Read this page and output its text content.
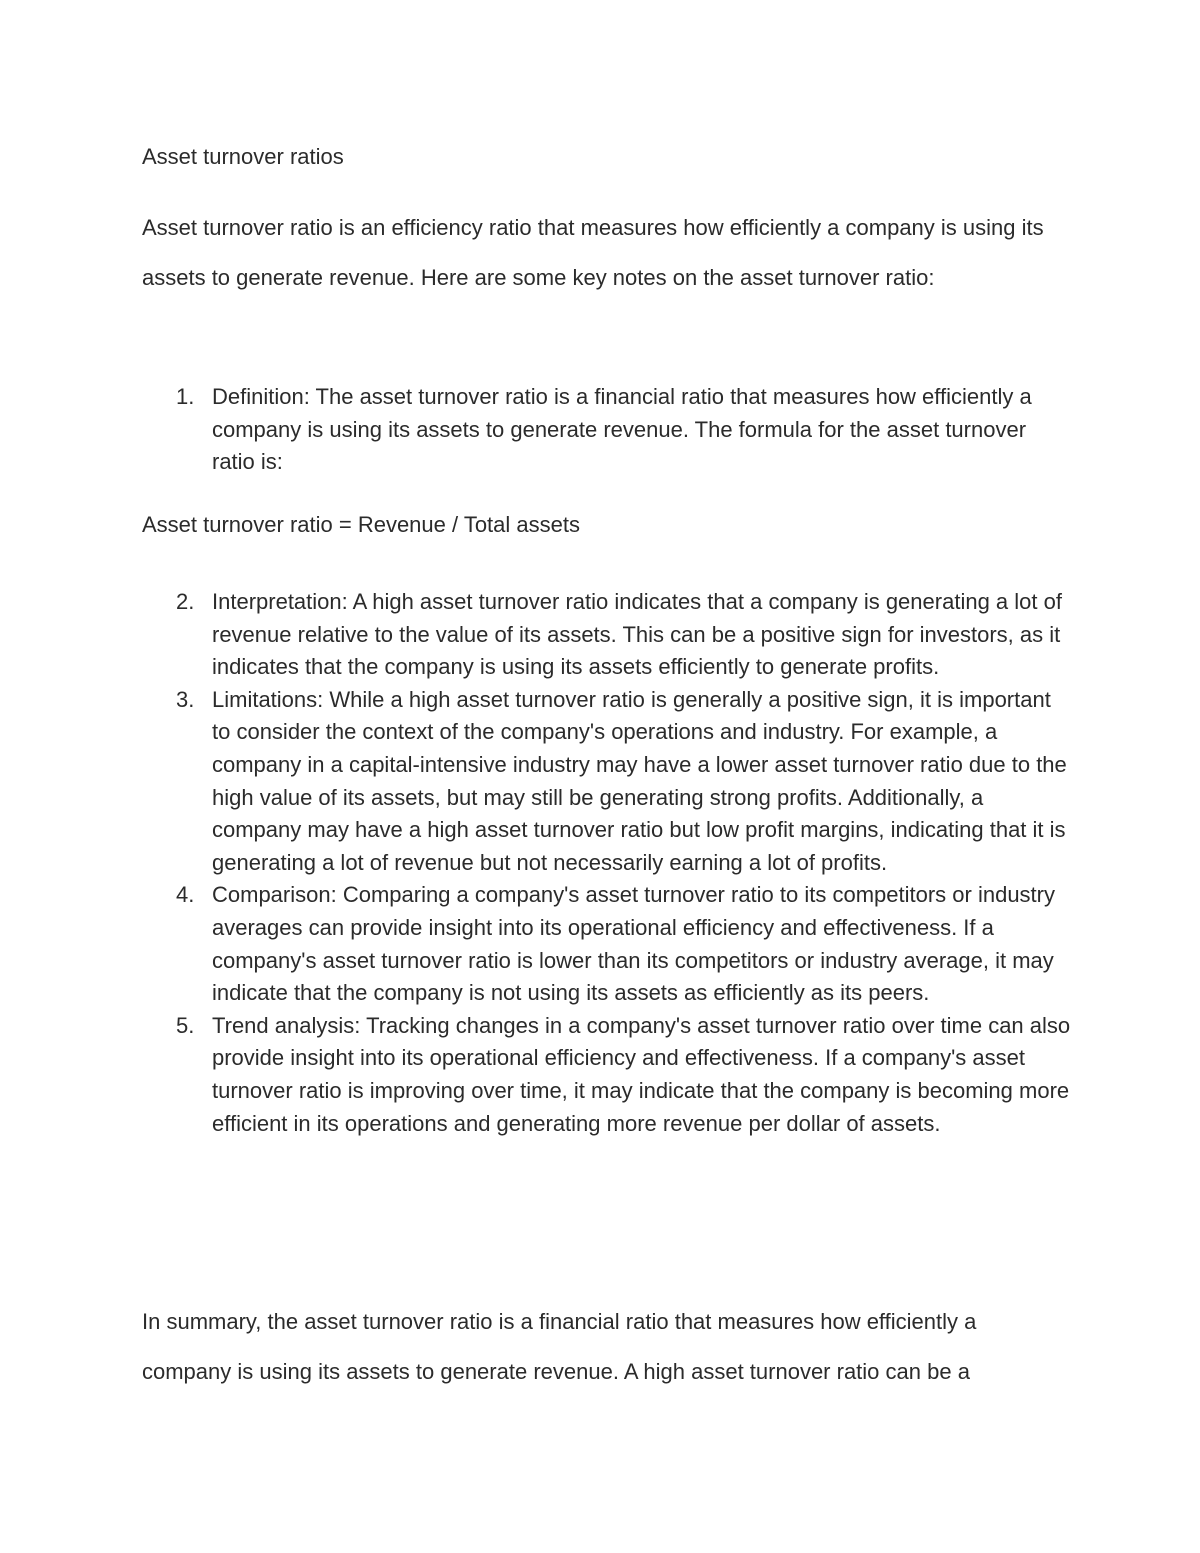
Asset turnover ratios

Asset turnover ratio is an efficiency ratio that measures how efficiently a company is using its assets to generate revenue. Here are some key notes on the asset turnover ratio:

1. Definition: The asset turnover ratio is a financial ratio that measures how efficiently a company is using its assets to generate revenue. The formula for the asset turnover ratio is:

Asset turnover ratio = Revenue / Total assets

2. Interpretation: A high asset turnover ratio indicates that a company is generating a lot of revenue relative to the value of its assets. This can be a positive sign for investors, as it indicates that the company is using its assets efficiently to generate profits.
3. Limitations: While a high asset turnover ratio is generally a positive sign, it is important to consider the context of the company's operations and industry. For example, a company in a capital-intensive industry may have a lower asset turnover ratio due to the high value of its assets, but may still be generating strong profits. Additionally, a company may have a high asset turnover ratio but low profit margins, indicating that it is generating a lot of revenue but not necessarily earning a lot of profits.
4. Comparison: Comparing a company's asset turnover ratio to its competitors or industry averages can provide insight into its operational efficiency and effectiveness. If a company's asset turnover ratio is lower than its competitors or industry average, it may indicate that the company is not using its assets as efficiently as its peers.
5. Trend analysis: Tracking changes in a company's asset turnover ratio over time can also provide insight into its operational efficiency and effectiveness. If a company's asset turnover ratio is improving over time, it may indicate that the company is becoming more efficient in its operations and generating more revenue per dollar of assets.

In summary, the asset turnover ratio is a financial ratio that measures how efficiently a company is using its assets to generate revenue. A high asset turnover ratio can be a
